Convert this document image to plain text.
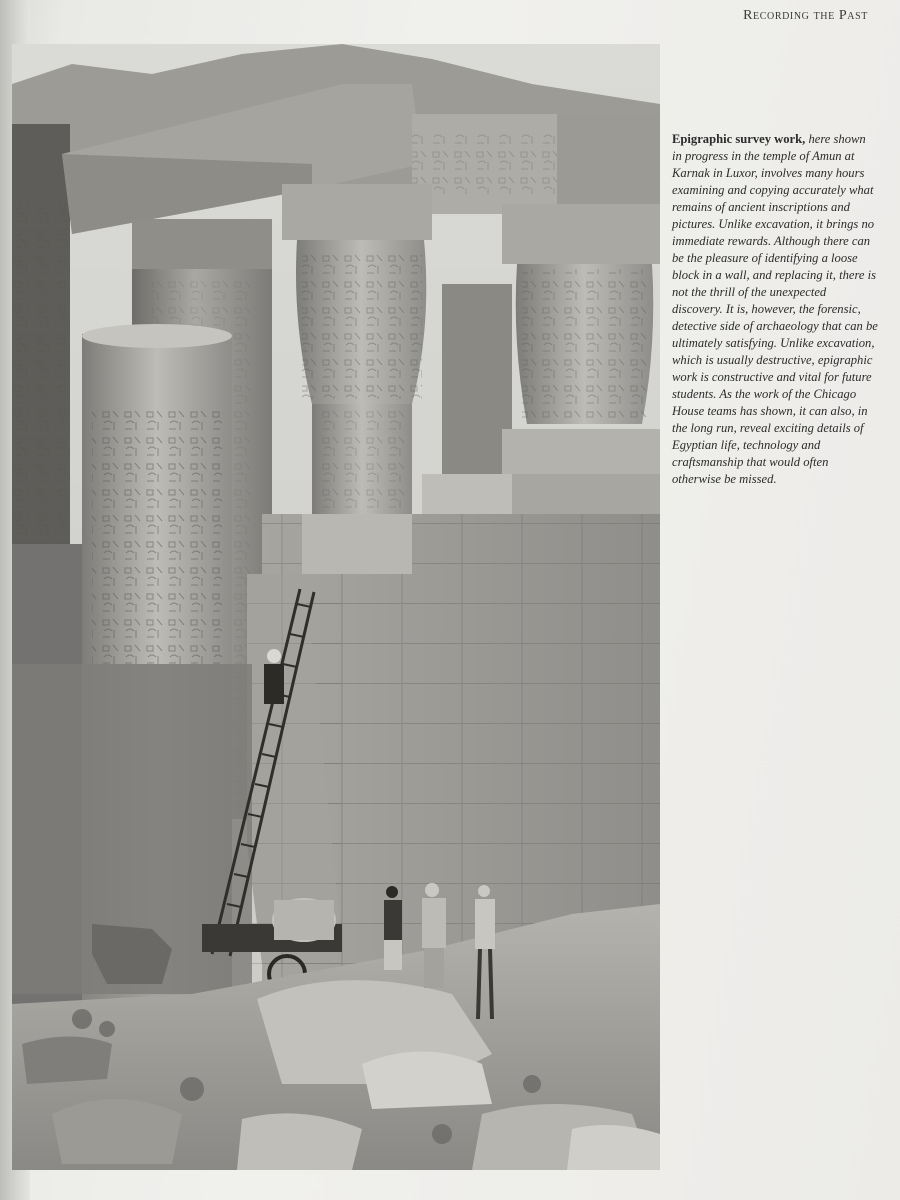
Recording the Past
Epigraphic survey work, here shown in progress in the temple of Amun at Karnak in Luxor, involves many hours examining and copying accurately what remains of ancient inscriptions and pictures. Unlike excavation, it brings no immediate rewards. Although there can be the pleasure of identifying a loose block in a wall, and replacing it, there is not the thrill of the unexpected discovery. It is, however, the forensic, detective side of archaeology that can be ultimately satisfying. Unlike excavation, which is usually destructive, epigraphic work is constructive and vital for future students. As the work of the Chicago House teams has shown, it can also, in the long run, reveal exciting details of Egyptian life, technology and craftsmanship that would often otherwise be missed.
